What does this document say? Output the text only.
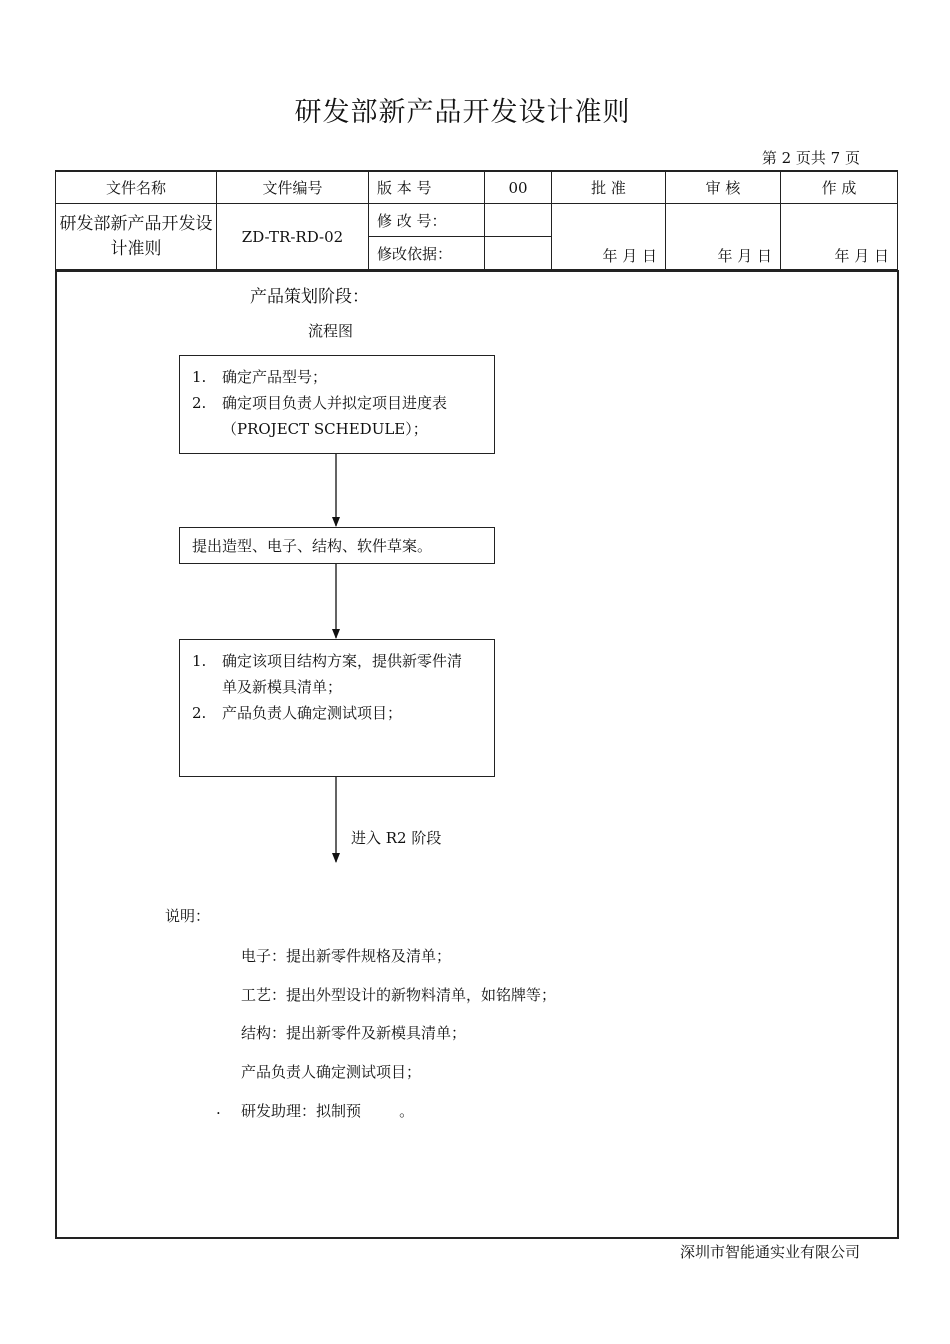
研发部新产品开发设计准则
第 2 页共 7 页
文件名称	文件编号	版 本 号	00	批 准	审 核	作 成
研发部新产品开发设计准则	ZD-TR-RD-02	修 改 号：		年 月 日	年 月 日	年 月 日
		修改依据：				
产品策划阶段：
流程图
1.	确定产品型号；
2.	确定项目负责人并拟定项目进度表
（PROJECT SCHEDULE）；
提出造型、电子、结构、软件草案。
1.	确定该项目结构方案，提供新零件清
单及新模具清单；
2.	产品负责人确定测试项目；
进入 R2 阶段
说明：
电子：提出新零件规格及清单；
工艺：提出外型设计的新物料清单，如铭牌等；
结构：提出新零件及新模具清单；
产品负责人确定测试项目；
. 研发助理：拟制预        。
深圳市智能通实业有限公司
